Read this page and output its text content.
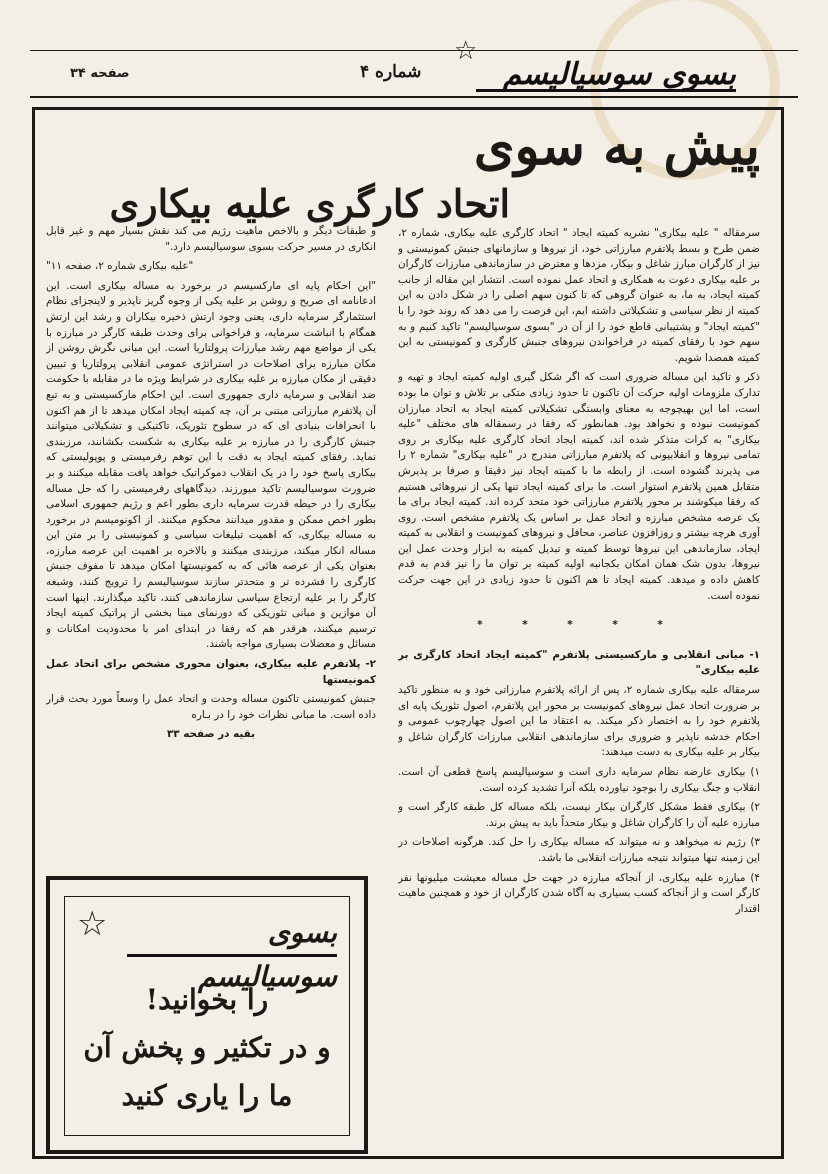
☆
بسوی سوسیالیسم
شماره ۴
صفحه ۳۴
پیش به سوی
اتحاد کارگری علیه بیکاری

سرمقاله " علیه بیکاری" نشریه کمیته ایجاد " اتحاد کارگری علیه بیکاری، شماره ۲، ضمن طرح و بسط پلاتفرم مبارزاتی خود، از نیروها و سازمانهای جنبش کمونیستی و نیز از کارگران مبارز شاغل و بیکار، مزدها و معترض در سازماندهی مبارزات کارگران بر علیه بیکاری دعوت به همکاری و اتحاد عمل نموده است. انتشار این مقاله از جانب کمیته ایجاد، به ما، به عنوان گروهی که تا کنون سهم اصلی را در شکل دادن به این کمیته از نظر سیاسی و تشکیلاتی داشته ایم، این فرصت را می دهد که روند خود را با "کمیته ایجاد" و پشتیبانی قاطع خود را از آن در "بسوی سوسیالیسم" تاکید کنیم و به سهم خود با رفقای کمیته در فراخواندن نیروهای جنبش کارگری و کمونیستی به این کمیته همصدا شویم.

ذکر و تاکید این مساله ضروری است که اگر شکل گیری اولیه کمیته ایجاد و تهیه و تدارک ملزومات اولیه حرکت آن تاکنون تا حدود زیادی متکی بر تلاش و توان ما بوده است، اما این بهیچوجه به معنای وابستگی تشکیلاتی کمیته ایجاد به اتحاد مبارزان کمونیست نبوده و نخواهد بود. همانطور که رفقا در رسمقاله های مختلف "علیه بیکاری" به کرات متذکر شده اند، کمیته ایجاد اتحاد کارگری علیه بیکاری بر روی تمامی نیروها و انقلابیونی که پلاتفرم مبارزاتی مندرج در "علیه بیکاری" شماره ۲ را می پذیرند گشوده است. از رابطه ما با کمیته ایجاد نیز دقیقا و صرفا بر پذیرش متقابل همین پلاتفرم استوار است. ما برای کمیته ایجاد تنها یکی از نیروهائی هستیم که رفقا میکوشند بر محور پلاتفرم مبارزاتی خود متحد کرده اند. کمیته ایجاد برای ما یک عرصه مشخص مبارزه و اتحاد عمل بر اساس یک پلاتفرم مشخص است. روی آوری هرچه بیشتر و روزافزون عناصر، محافل و نیروهای کمونیست و انقلابی به کمیته ایجاد، سازماندهی این نیروها توسط کمیته و تبدیل کمیته به ابزار وحدت عمل این نیروها، بدون شک همان امکان بکجانبه اولیه کمیته بر توان ما را نیز قدم به قدم کاهش داده و میدهد. کمیته ایجاد تا هم اکنون تا حدود زیادی در این جهت حرکت نموده است.

* * * * *

۱- مبانی انقلابی و مارکسیستی پلاتفرم "کمیته ایجاد اتحاد کارگری بر علیه بیکاری"

سرمقاله علیه بیکاری شماره ۲، پس از ارائه پلاتفرم مبارزاتی خود و به منظور تاکید بر ضرورت اتحاد عمل نیروهای کمونیست بر محور این پلاتفرم، اصول تئوریک پایه ای پلاتفرم خود را به اختصار ذکر میکند. به اعتقاد ما این اصول چهارچوب عمومی و احکام خدشه ناپذیر و ضروری برای سازماندهی انقلابی مبارزات کارگران شاغل و بیکار بر علیه بیکاری به دست میدهند:

۱) بیکاری عارضه نظام سرمایه داری است و سوسیالیسم پاسخ قطعی آن است. انقلاب و جنگ بیکاری را بوجود نیاورده بلکه آنرا تشدید کرده است.

۲) بیکاری فقط مشکل کارگران بیکار نیست، بلکه مساله کل طبقه کارگر است و مبارزه علیه آن را کارگران شاغل و بیکار متحداً باید به پیش برند.

۳) رژیم نه میخواهد و نه میتواند که مساله بیکاری را حل کند. هرگونه اصلاحات در این زمینه تنها میتواند نتیجه مبارزات انقلابی ما باشد.

۴) مبارزه علیه بیکاری، از آنجاکه مبارزه در جهت حل مساله معیشت میلیونها نفر کارگر است و از آنجاکه کسب بسیاری به آگاه شدن کارگران از خود و همچنین ماهیت اقتدار

و طبقات دیگر و بالاخص ماهیت رژیم می کند نقش بسیار مهم و غیر قابل انکاری در مسیر حرکت بسوی سوسیالیسم دارد."

"علیه بیکاری شماره ۲، صفحه ۱۱"

"این احکام پایه ای مارکسیسم در برخورد به مساله بیکاری است. این ادعانامه ای صریح و روشن بر علیه یکی از وجوه گریز ناپذیر و لاینجزای نظام استثمارگر سرمایه داری، یعنی وجود ارتش ذخیره بیکاران و رشد این ارتش همگام با انباشت سرمایه، و فراخوانی برای وحدت طبقه کارگر در مبارزه با یکی از مواضع مهم رشد مبارزات پرولتاریا است. این مبانی نگرش روشن از مکان مبارزه برای اصلاحات در استراتژی عمومی انقلابی پرولتاریا و تبیین دقیقی از مکان مبارزه بر علیه بیکاری در شرایط ویژه ما در مقابله با حکومت ضد انقلابی و سرمایه داری جمهوری است. این احکام مارکسیستی و به تبع آن پلاتفرم مبارزاتی مبتنی بر آن، چه کمیته ایجاد امکان میدهد تا از هم اکنون با انحرافات بنیادی ای که در سطوح تئوریک، تاکتیکی و تشکیلاتی میتوانند جنبش کارگری را در مبارزه بر علیه بیکاری به شکست بکشانند، مرزبندی نماید. رفقای کمیته ایجاد به دقت با این توهم رفرمیستی و پوپولیستی که بیکاری پاسخ خود را در یک انقلاب دموکراتیک خواهد یافت مقابله میکنند و بر ضرورت سوسیالیسم تاکید میورزند. دیدگاههای رفرمیستی را که حل مساله بیکاری را در حیطه قدرت سرمایه داری بطور اعم و رژیم جمهوری اسلامی بطور اخص ممکن و مقدور میدانند محکوم میکنند. از اکونومیسم در برخورد به مساله بیکاری، که اهمیت تبلیغات سیاسی و کمونیستی را بر متن این مساله انکار میکند، مرزبندی میکنند و بالاخره بر اهمیت این عرصه مبارزه، بعنوان یکی از عرصه هائی که به کمونیستها امکان میدهد تا مفوف جنبش کارگری را فشرده تر و متحدتر سازند سوسیالیسم را ترویج کنند، وشبغه کارگر را بر علیه ارتجاع سیاسی سازماندهی کنند، تاکید میگذارند. اینها است آن موازین و مبانی تئوریکی که دورنمای مبنا بخشی از پراتیک کمیته ایجاد ترسیم میکنند، هرقدر هم که رفقا در ابتدای امر با محدودیت امکانات و مسائل و معضلات بسیاری مواجه باشند.

۲- پلاتفرم علیه بیکاری، بعنوان محوری مشخص برای اتحاد عمل کمونیستها

جنبش کمونیستی تاکنون مساله وحدت و اتحاد عمل را وسعاً مورد بحث قرار داده است. ما مبانی نظرات خود را در بـاره

بقیه در صفحه ۳۳
☆	بسوی سوسیالیسم
را بخوانید!
و در تکثیر و پخش آن
ما را یاری کنید
